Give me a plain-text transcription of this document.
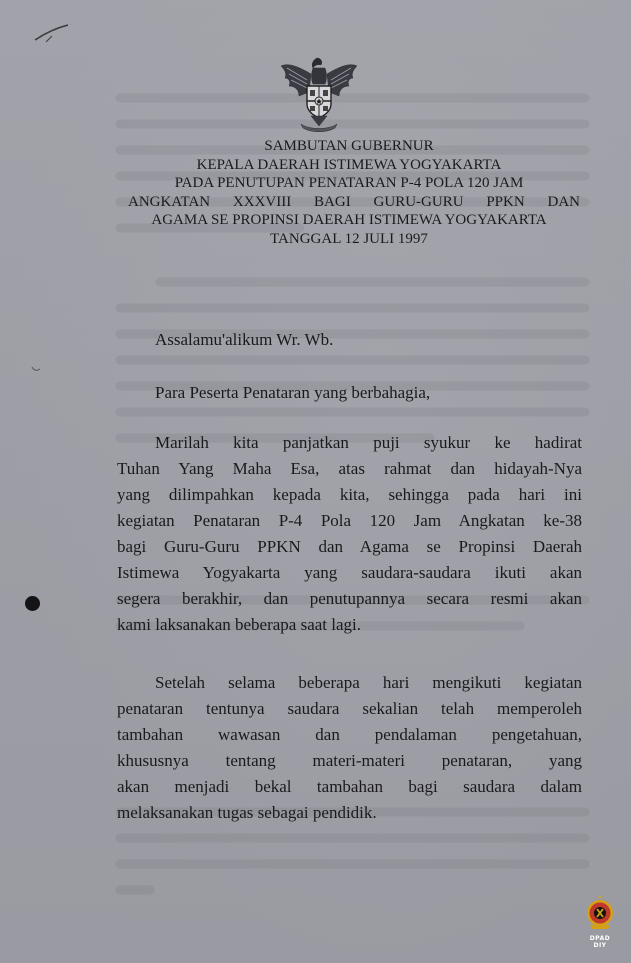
SAMBUTAN GUBERNUR
KEPALA DAERAH ISTIMEWA YOGYAKARTA
PADA PENUTUPAN PENATARAN P-4 POLA 120 JAM
ANGKATAN XXXVIII BAGI GURU-GURU PPKN DAN
AGAMA SE PROPINSI DAERAH ISTIMEWA YOGYAKARTA
TANGGAL 12 JULI 1997
Assalamu'alikum Wr. Wb.
Para Peserta Penataran yang berbahagia,
Marilah kita panjatkan puji syukur ke hadirat
Tuhan Yang Maha Esa, atas rahmat dan hidayah-Nya
yang dilimpahkan kepada kita, sehingga pada hari ini
kegiatan Penataran P-4 Pola 120 Jam Angkatan ke-38
bagi Guru-Guru PPKN dan Agama se Propinsi Daerah
Istimewa Yogyakarta yang saudara-saudara ikuti akan
segera berakhir, dan penutupannya secara resmi akan
kami laksanakan beberapa saat lagi.
Setelah selama beberapa hari mengikuti kegiatan
penataran tentunya saudara sekalian telah memperoleh
tambahan wawasan dan pendalaman pengetahuan,
khususnya tentang materi-materi penataran, yang
akan menjadi bekal tambahan bagi saudara dalam
melaksanakan tugas sebagai pendidik.
DPAD
DIY
